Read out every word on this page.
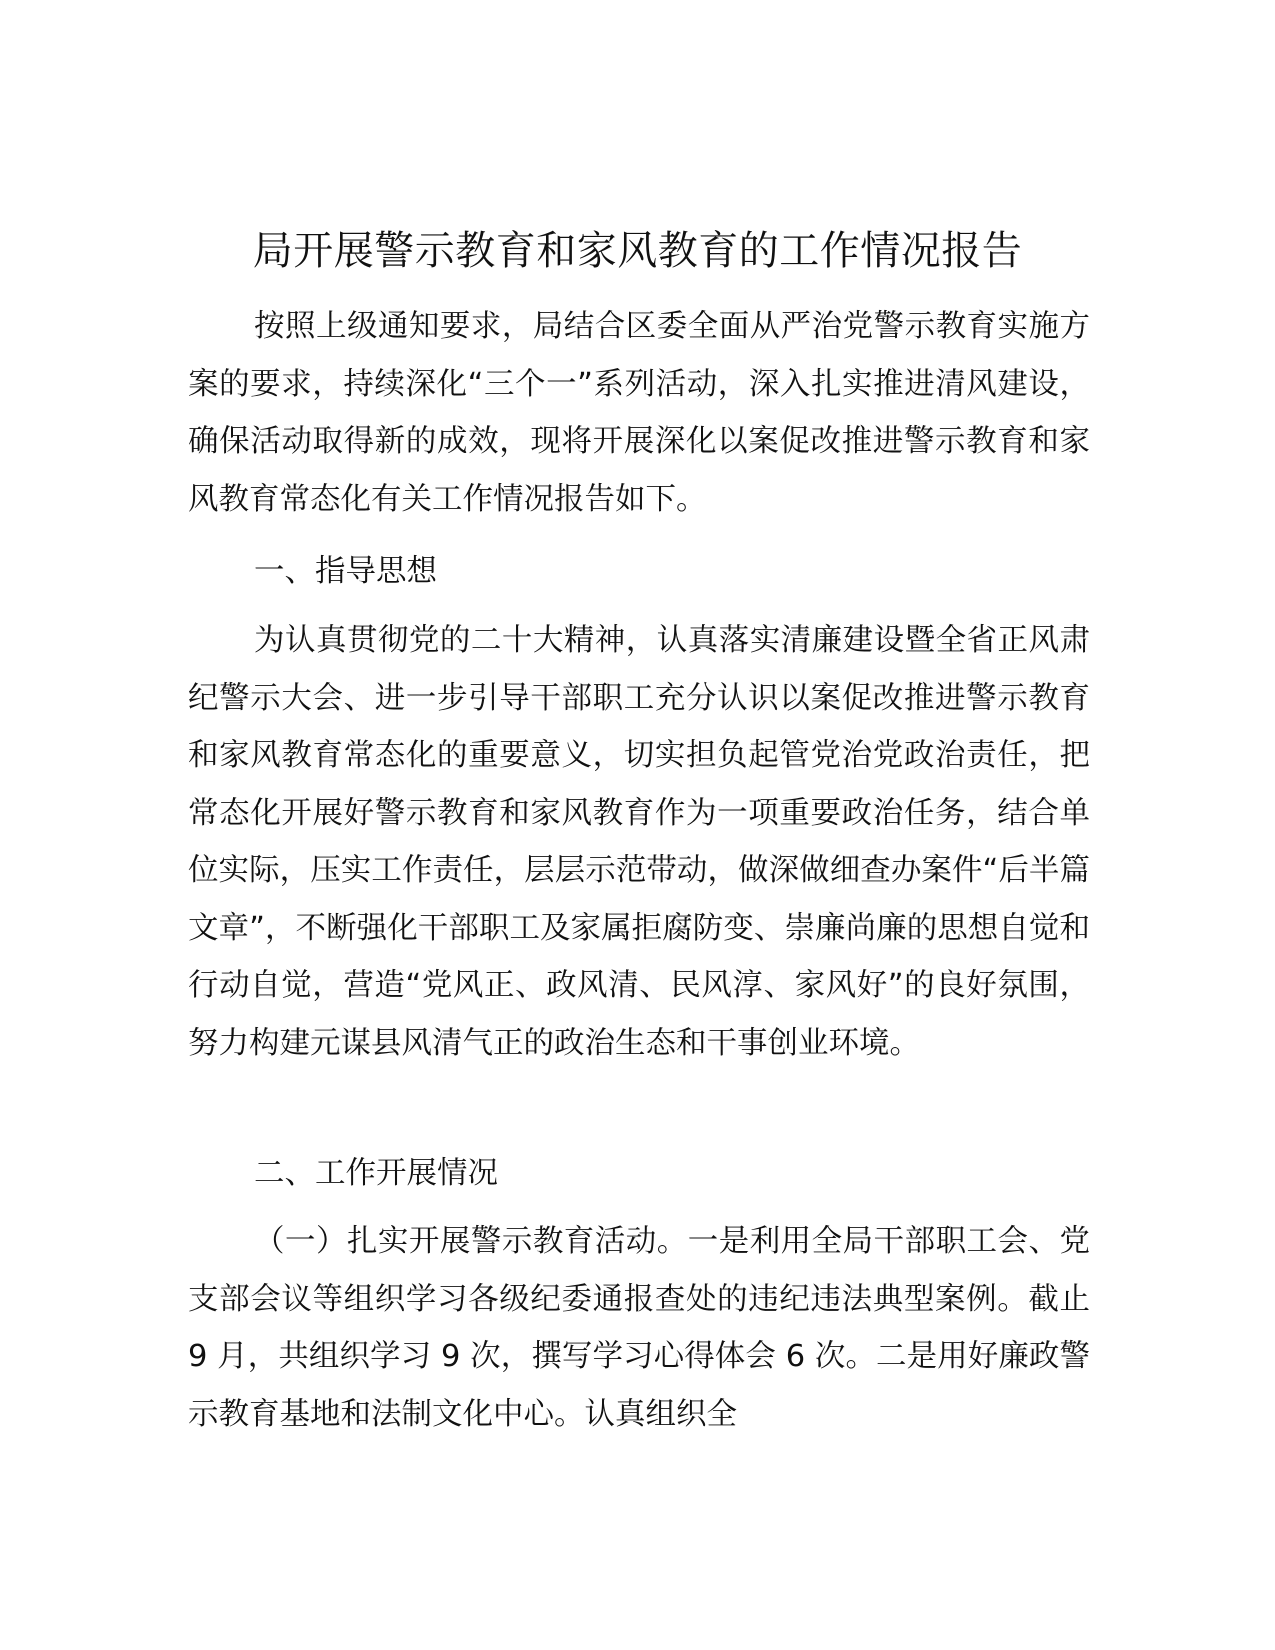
局开展警示教育和家风教育的工作情况报告

按照上级通知要求，局结合区委全面从严治党警示教育实施方案的要求，持续深化“三个一”系列活动，深入扎实推进清风建设，确保活动取得新的成效，现将开展深化以案促改推进警示教育和家风教育常态化有关工作情况报告如下。

一、指导思想

为认真贯彻党的二十大精神，认真落实清廉建设暨全省正风肃纪警示大会、进一步引导干部职工充分认识以案促改推进警示教育和家风教育常态化的重要意义，切实担负起管党治党政治责任，把常态化开展好警示教育和家风教育作为一项重要政治任务，结合单位实际，压实工作责任，层层示范带动，做深做细查办案件“后半篇文章”，不断强化干部职工及家属拒腐防变、崇廉尚廉的思想自觉和行动自觉，营造“党风正、政风清、民风淳、家风好”的良好氛围，努力构建元谋县风清气正的政治生态和干事创业环境。

二、工作开展情况

（一）扎实开展警示教育活动。一是利用全局干部职工会、党支部会议等组织学习各级纪委通报查处的违纪违法典型案例。截止 9 月，共组织学习 9 次，撰写学习心得体会 6 次。二是用好廉政警示教育基地和法制文化中心。认真组织全
